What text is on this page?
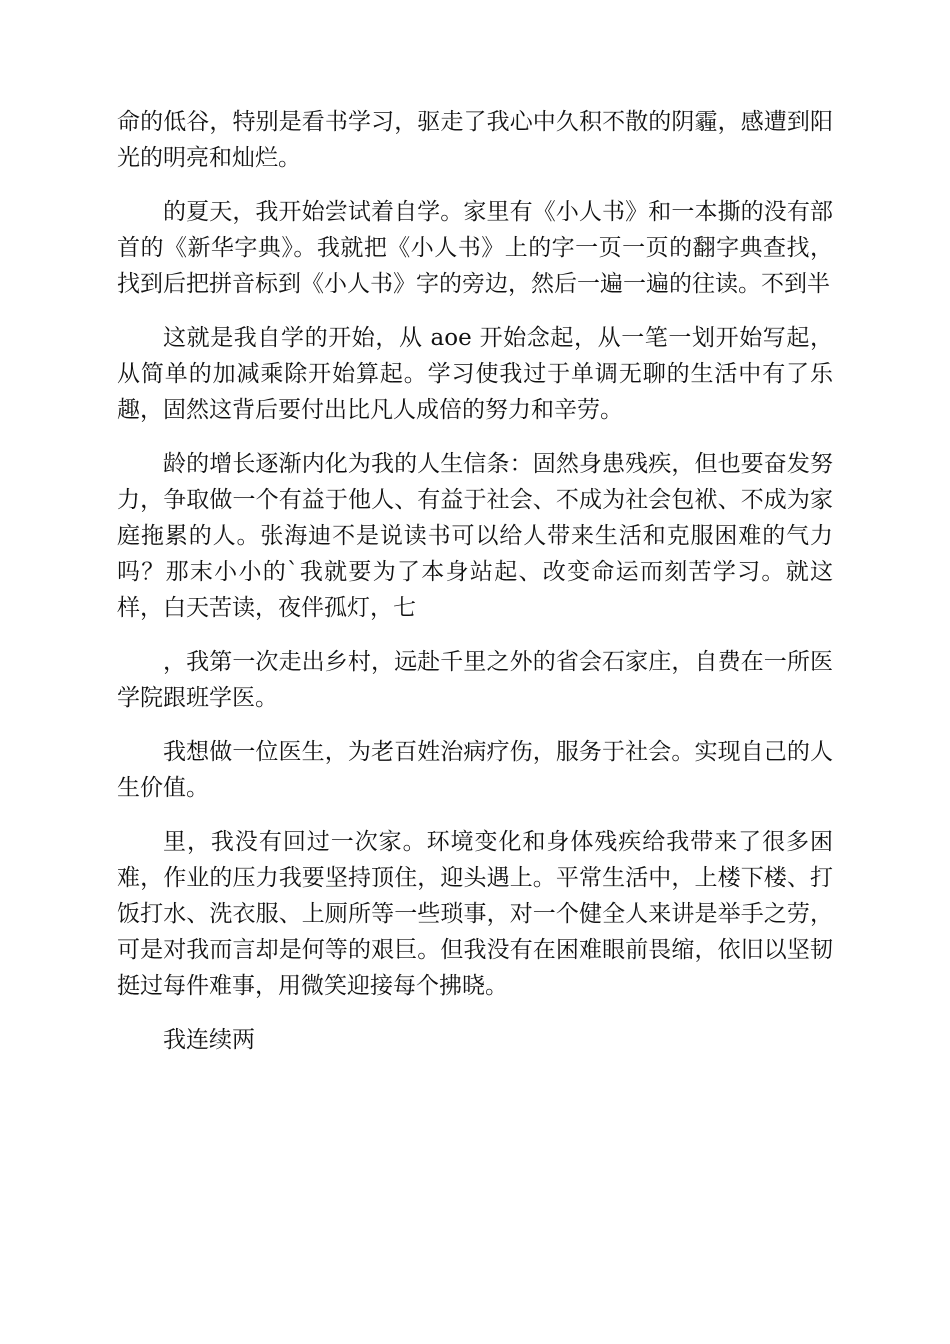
命的低谷，特别是看书学习，驱走了我心中久积不散的阴霾，感遭到阳光的明亮和灿烂。

的夏天，我开始尝试着自学。家里有《小人书》和一本撕的没有部首的《新华字典》。我就把《小人书》上的字一页一页的翻字典查找，找到后把拼音标到《小人书》字的旁边，然后一遍一遍的往读。不到半

这就是我自学的开始，从 aoe 开始念起，从一笔一划开始写起，从简单的加减乘除开始算起。学习使我过于单调无聊的生活中有了乐趣，固然这背后要付出比凡人成倍的努力和辛劳。

龄的增长逐渐内化为我的人生信条：固然身患残疾，但也要奋发努力，争取做一个有益于他人、有益于社会、不成为社会包袱、不成为家庭拖累的人。张海迪不是说读书可以给人带来生活和克服困难的气力吗？那末小小的`我就要为了本身站起、改变命运而刻苦学习。就这样，白天苦读，夜伴孤灯，七

，我第一次走出乡村，远赴千里之外的省会石家庄，自费在一所医学院跟班学医。

我想做一位医生，为老百姓治病疗伤，服务于社会。实现自己的人生价值。

里，我没有回过一次家。环境变化和身体残疾给我带来了很多困难，作业的压力我要坚持顶住，迎头遇上。平常生活中，上楼下楼、打饭打水、洗衣服、上厕所等一些琐事，对一个健全人来讲是举手之劳，可是对我而言却是何等的艰巨。但我没有在困难眼前畏缩，依旧以坚韧挺过每件难事，用微笑迎接每个拂晓。

我连续两
